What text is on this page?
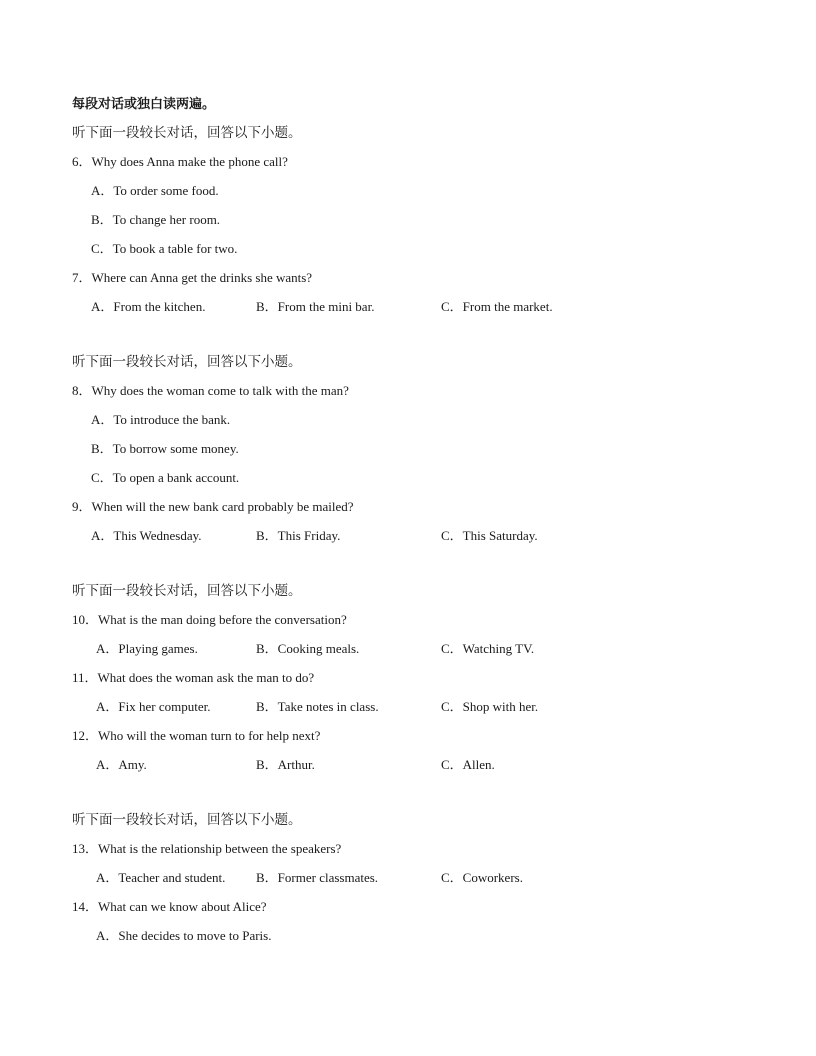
每段对话或独白读两遍。
听下面一段较长对话，回答以下小题。
6．Why does Anna make the phone call?
A．To order some food.
B．To change her room.
C．To book a table for two.
7．Where can Anna get the drinks she wants?
A．From the kitchen.	B．From the mini bar.	C．From the market.
听下面一段较长对话，回答以下小题。
8．Why does the woman come to talk with the man?
A．To introduce the bank.
B．To borrow some money.
C．To open a bank account.
9．When will the new bank card probably be mailed?
A．This Wednesday.	B．This Friday.	C．This Saturday.
听下面一段较长对话，回答以下小题。
10．What is the man doing before the conversation?
A．Playing games.	B．Cooking meals.	C．Watching TV.
11．What does the woman ask the man to do?
A．Fix her computer.	B．Take notes in class.	C．Shop with her.
12．Who will the woman turn to for help next?
A．Amy.	B．Arthur.	C．Allen.
听下面一段较长对话，回答以下小题。
13．What is the relationship between the speakers?
A．Teacher and student. B．Former classmates.	C．Coworkers.
14．What can we know about Alice?
A．She decides to move to Paris.
